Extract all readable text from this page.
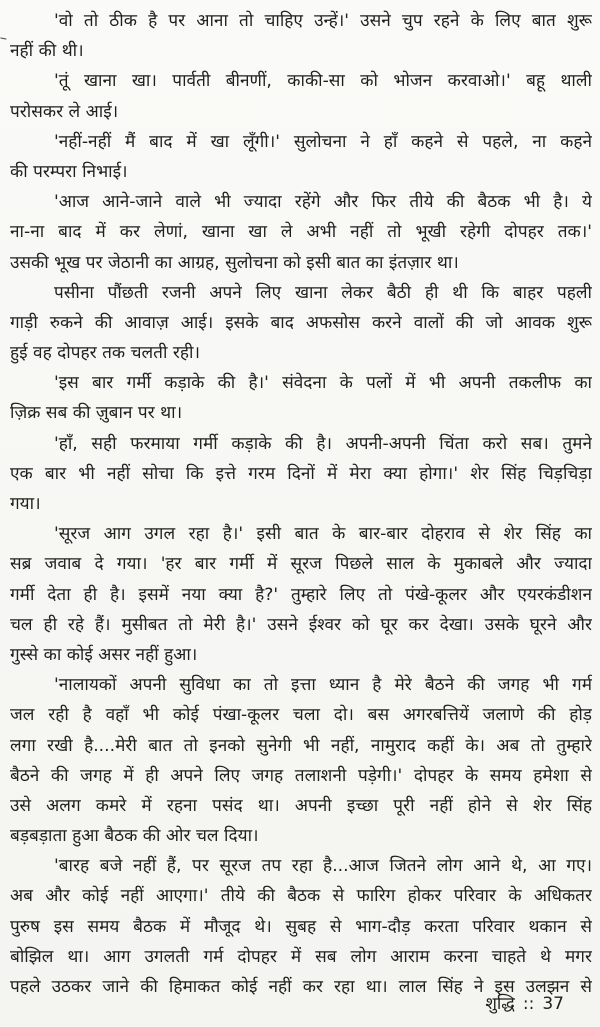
'वो तो ठीक है पर आना तो चाहिए उन्हें।' उसने चुप रहने के लिए बात शुरू
नहीं की थी।
'तूं खाना खा। पार्वती बीनणीं, काकी-सा को भोजन करवाओ।' बहू थाली
परोसकर ले आई।
'नहीं-नहीं मैं बाद में खा लूँगी।' सुलोचना ने हाँ कहने से पहले, ना कहने
की परम्परा निभाई।
'आज आने-जाने वाले भी ज्यादा रहेंगे और फिर तीये की बैठक भी है। ये
ना-ना बाद में कर लेणां, खाना खा ले अभी नहीं तो भूखी रहेगी दोपहर तक।'
उसकी भूख पर जेठानी का आग्रह, सुलोचना को इसी बात का इंतज़ार था।
पसीना पौंछती रजनी अपने लिए खाना लेकर बैठी ही थी कि बाहर पहली
गाड़ी रुकने की आवाज़ आई। इसके बाद अफसोस करने वालों की जो आवक शुरू
हुई वह दोपहर तक चलती रही।
'इस बार गर्मी कड़ाके की है।' संवेदना के पलों में भी अपनी तकलीफ का
ज़िक्र सब की ज़ुबान पर था।
'हाँ, सही फरमाया गर्मी कड़ाके की है। अपनी-अपनी चिंता करो सब। तुमने
एक बार भी नहीं सोचा कि इत्ते गरम दिनों में मेरा क्या होगा।' शेर सिंह चिड़चिड़ा
गया।
'सूरज आग उगल रहा है।' इसी बात के बार-बार दोहराव से शेर सिंह का
सब्र जवाब दे गया। 'हर बार गर्मी में सूरज पिछले साल के मुकाबले और ज्यादा
गर्मी देता ही है। इसमें नया क्या है?' तुम्हारे लिए तो पंखे-कूलर और एयरकंडीशन
चल ही रहे हैं। मुसीबत तो मेरी है।' उसने ईश्वर को घूर कर देखा। उसके घूरने और
गुस्से का कोई असर नहीं हुआ।
'नालायकों अपनी सुविधा का तो इत्ता ध्यान है मेरे बैठने की जगह भी गर्म
जल रही है वहाँ भी कोई पंखा-कूलर चला दो। बस अगरबत्तियें जलाणे की होड़
लगा रखी है....मेरी बात तो इनको सुनेगी भी नहीं, नामुराद कहीं के। अब तो तुम्हारे
बैठने की जगह में ही अपने लिए जगह तलाशनी पड़ेगी।' दोपहर के समय हमेशा से
उसे अलग कमरे में रहना पसंद था। अपनी इच्छा पूरी नहीं होने से शेर सिंह
बड़बड़ाता हुआ बैठक की ओर चल दिया।
'बारह बजे नहीं हैं, पर सूरज तप रहा है...आज जितने लोग आने थे, आ गए।
अब और कोई नहीं आएगा।' तीये की बैठक से फारिग होकर परिवार के अधिकतर
पुरुष इस समय बैठक में मौजूद थे। सुबह से भाग-दौड़ करता परिवार थकान से
बोझिल था। आग उगलती गर्म दोपहर में सब लोग आराम करना चाहते थे मगर
पहले उठकर जाने की हिमाकत कोई नहीं कर रहा था। लाल सिंह ने इस उलझन से
शुद्धि :: 37
